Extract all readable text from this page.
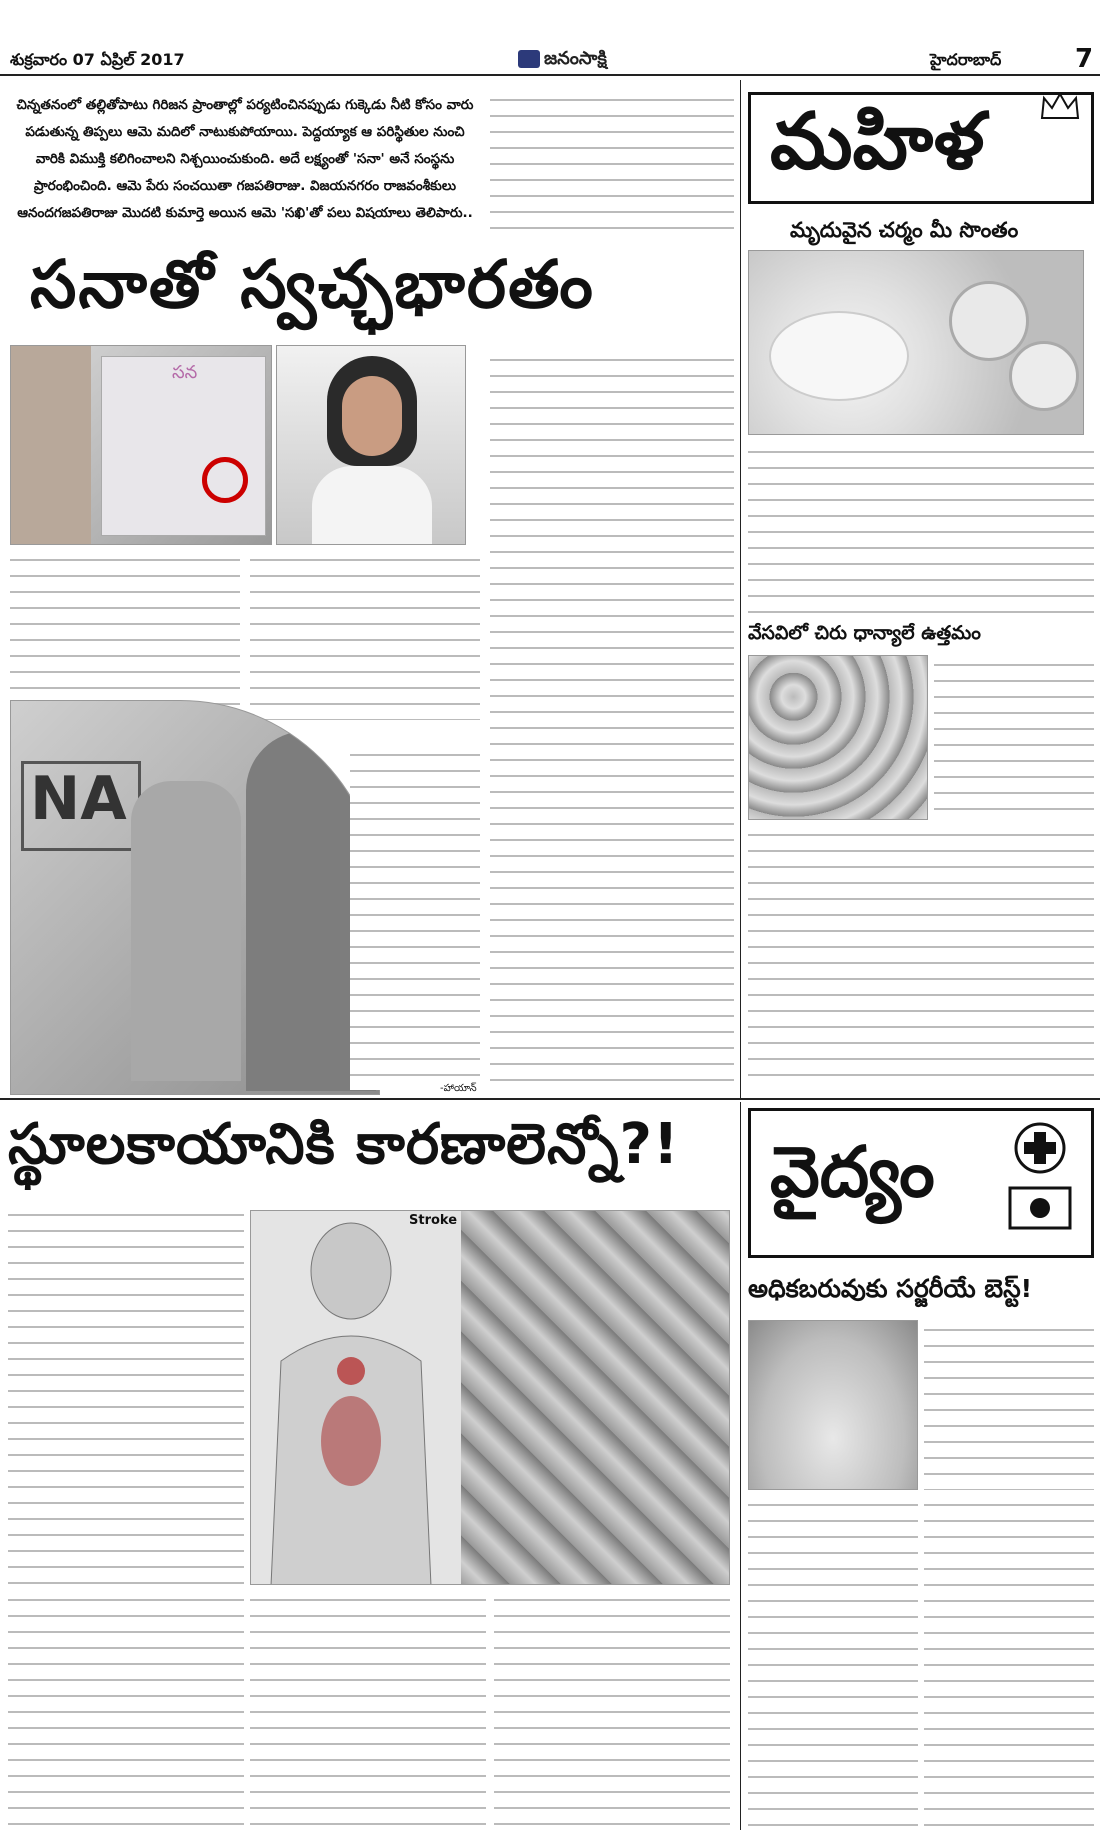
శుక్రవారం 07 ఏప్రిల్ 2017	జనంసాక్షి	హైదరాబాద్	7
చిన్నతనంలో తల్లితోపాటు గిరిజన ప్రాంతాల్లో పర్యటించినప్పుడు గుక్కెడు నీటి కోసం వారు పడుతున్న తిప్పలు ఆమె మదిలో నాటుకుపోయాయి. పెద్దయ్యాక ఆ పరిస్థితుల నుంచి వారికి విముక్తి కలిగించాలని నిశ్చయించుకుంది. అదే లక్ష్యంతో 'సనా' అనే సంస్థను ప్రారంభించింది. ఆమె పేరు సంచయితా గజపతిరాజు. విజయనగరం రాజవంశీకులు ఆనందగజపతిరాజు మొదటి కుమార్తె అయిన ఆమె 'సఖి'తో పలు విషయాలు తెలిపారు..
సనాతో స్వచ్ఛభారతం
సన
NA
-హాయాన్
మహిళ
మృదువైన చర్మం మీ సొంతం
వేసవిలో చిరు ధాన్యాలే ఉత్తమం
స్థూలకాయానికి కారణాలెన్నో?!
Stroke
వైద్యం
అధికబరువుకు సర్జరీయే బెస్ట్!
